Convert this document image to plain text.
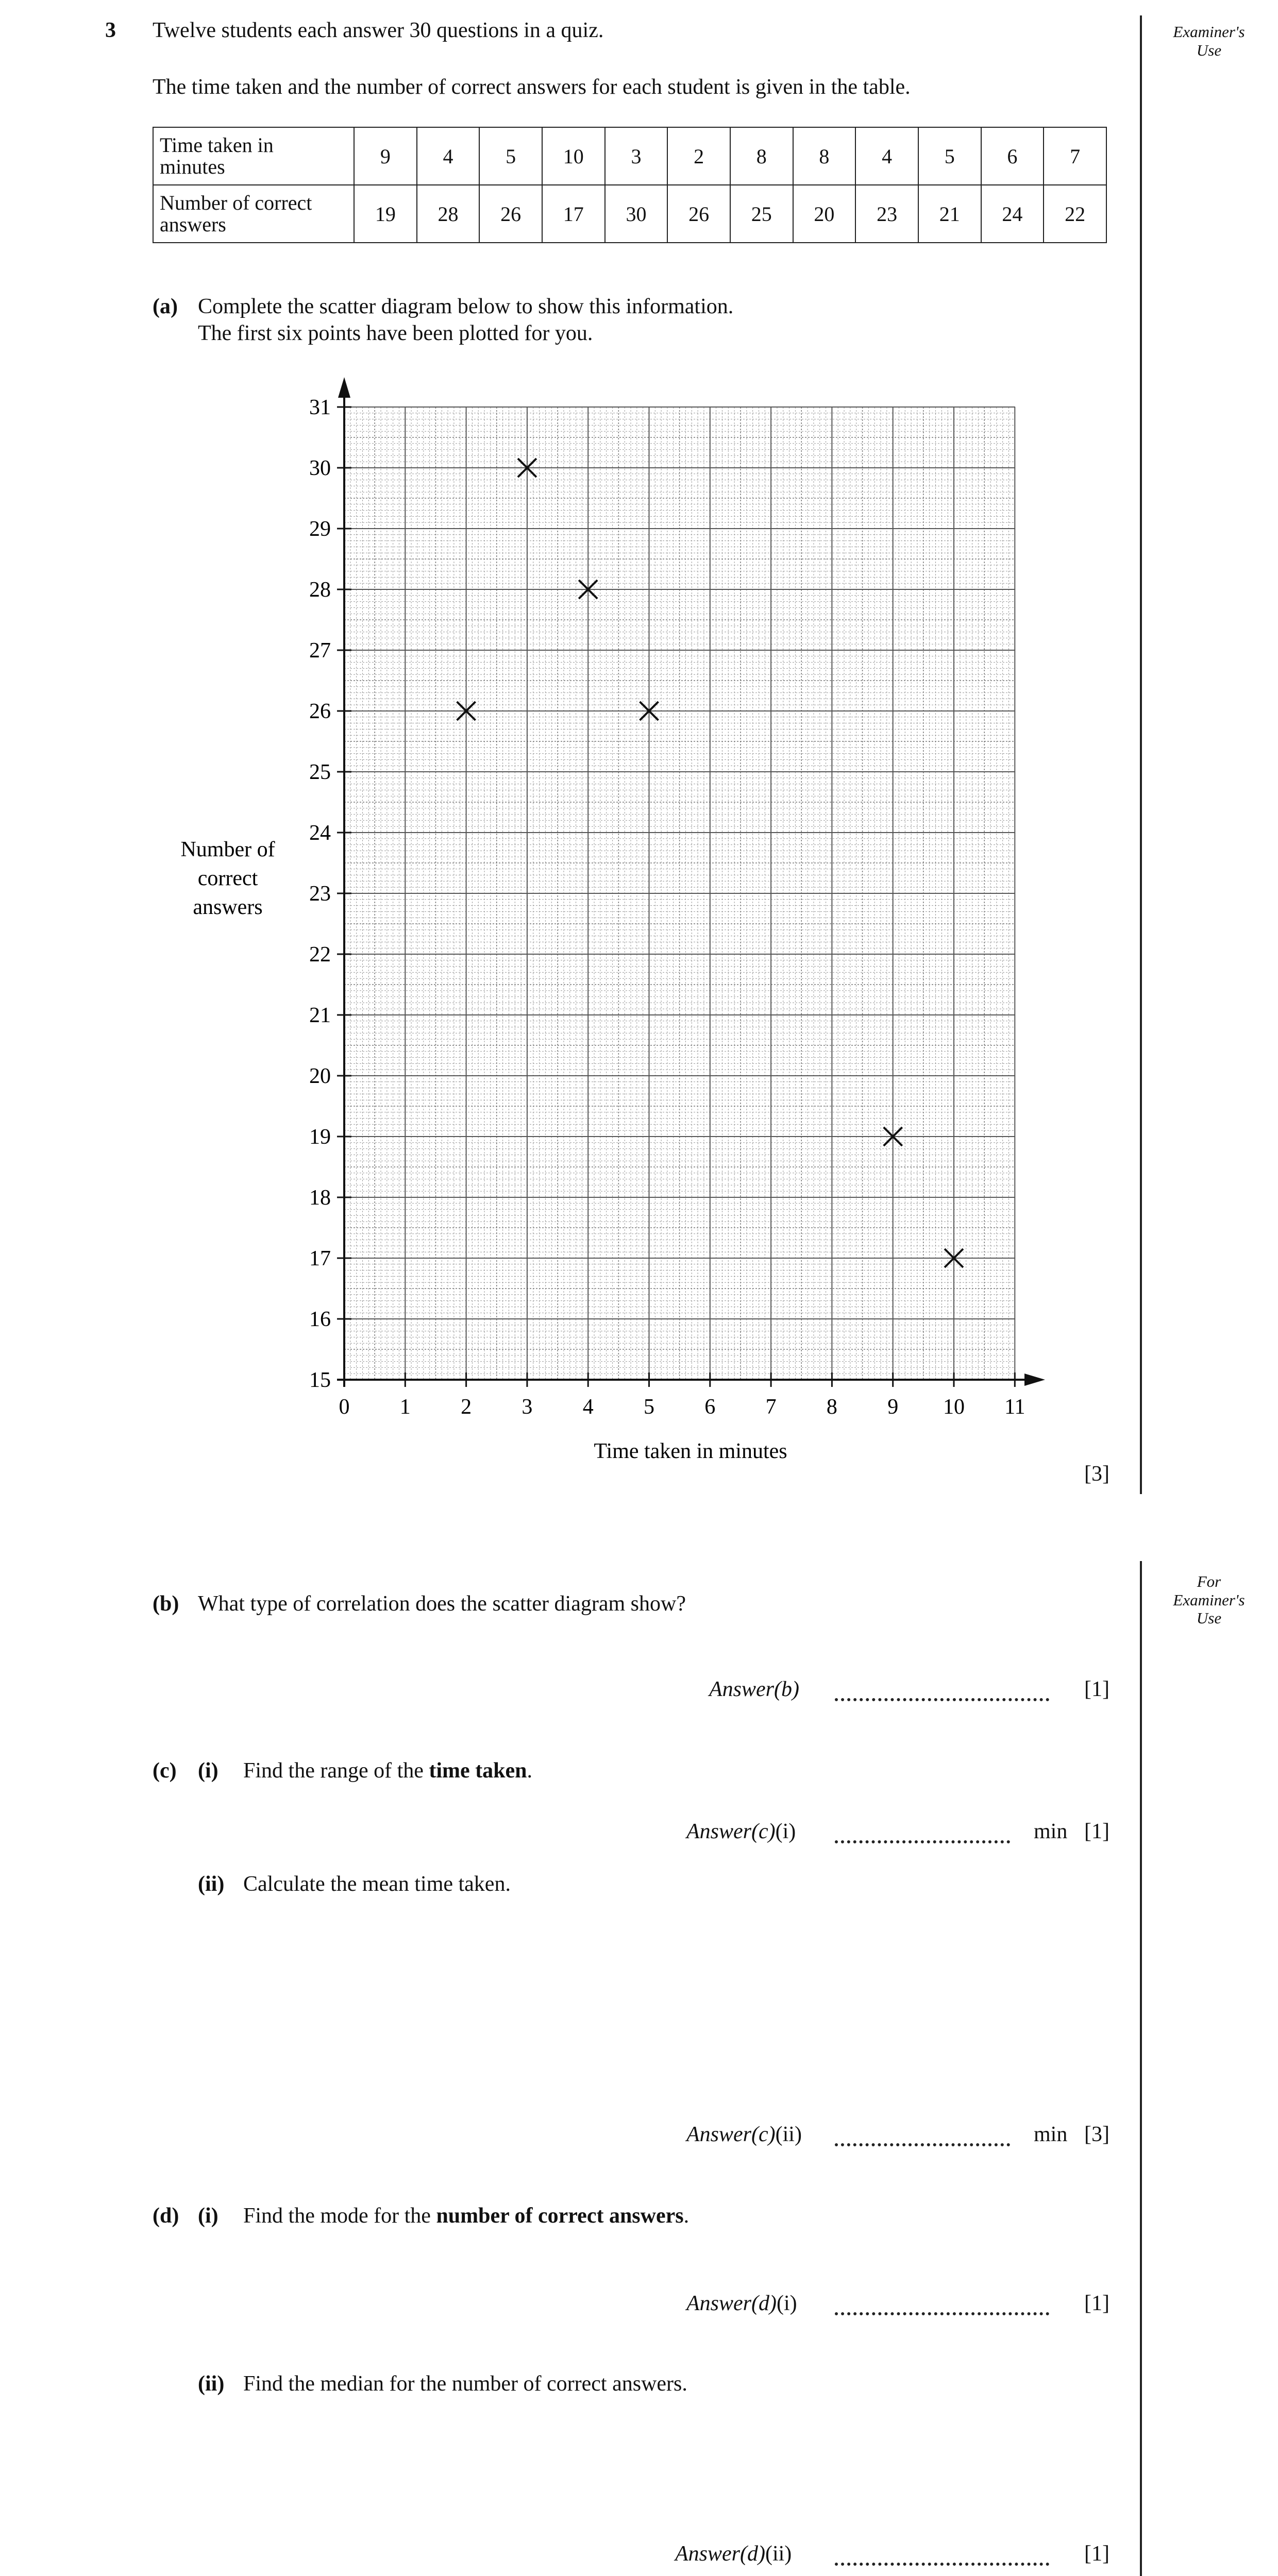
Examiner's
Use
For
Examiner's
Use
3 Twelve students each answer 30 questions in a quiz.
The time taken and the number of correct answers for each student is given in the table.
Time taken in
minutes	9	4	5	10	3	2	8	8	4	5	6	7

Number of correct
answers	19	28	26	17	30	26	25	20	23	21	24	22
(a) Complete the scatter diagram below to show this information.
The first six points have been plotted for you.
0 1 2 3 4 5 6 7 8 9 10 11
15
16
17
18
19
20
21
22
23
24
25
26
27
28
29
30
31
Time taken in minutes
Number of
correct
answers
[3]
(b) What type of correlation does the scatter diagram show?
Answer(b)	[1]
(c) (i) Find the range of the time taken.
Answer(c)(i)	min [1]
(ii) Calculate the mean time taken.
Answer(c)(ii)	min [3]
(d) (i) Find the mode for the number of correct answers.
Answer(d)(i)	[1]
(ii) Find the median for the number of correct answers.
Answer(d)(ii)	[1]
